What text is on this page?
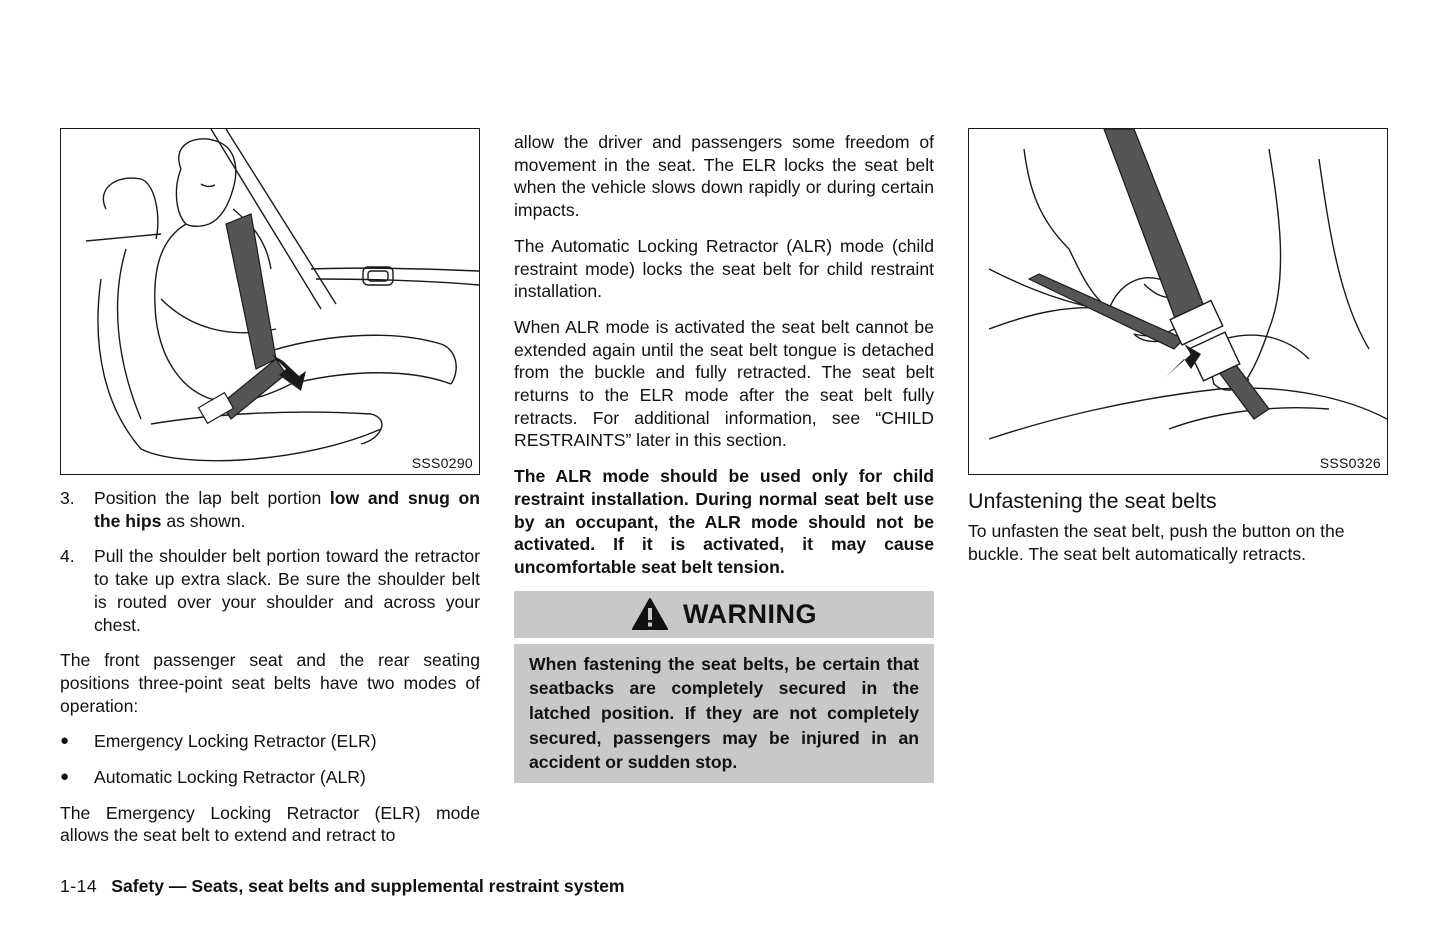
SSS0290
3.	Position the lap belt portion low and snug on the hips as shown.

4.	Pull the shoulder belt portion toward the retractor to take up extra slack. Be sure the shoulder belt is routed over your shoulder and across your chest.

The front passenger seat and the rear seating positions three-point seat belts have two modes of operation:

●	Emergency Locking Retractor (ELR)
●	Automatic Locking Retractor (ALR)

The Emergency Locking Retractor (ELR) mode allows the seat belt to extend and retract to

allow the driver and passengers some freedom of movement in the seat. The ELR locks the seat belt when the vehicle slows down rapidly or during certain impacts.

The Automatic Locking Retractor (ALR) mode (child restraint mode) locks the seat belt for child restraint installation.

When ALR mode is activated the seat belt cannot be extended again until the seat belt tongue is detached from the buckle and fully retracted. The seat belt returns to the ELR mode after the seat belt fully retracts. For additional information, see “CHILD RESTRAINTS” later in this section.

The ALR mode should be used only for child restraint installation. During normal seat belt use by an occupant, the ALR mode should not be activated. If it is activated, it may cause uncomfortable seat belt tension.

WARNING
When fastening the seat belts, be certain that seatbacks are completely secured in the latched position. If they are not completely secured, passengers may be injured in an accident or sudden stop.
SSS0326
Unfastening the seat belts

To unfasten the seat belt, push the button on the buckle. The seat belt automatically retracts.

1-14 Safety — Seats, seat belts and supplemental restraint system
